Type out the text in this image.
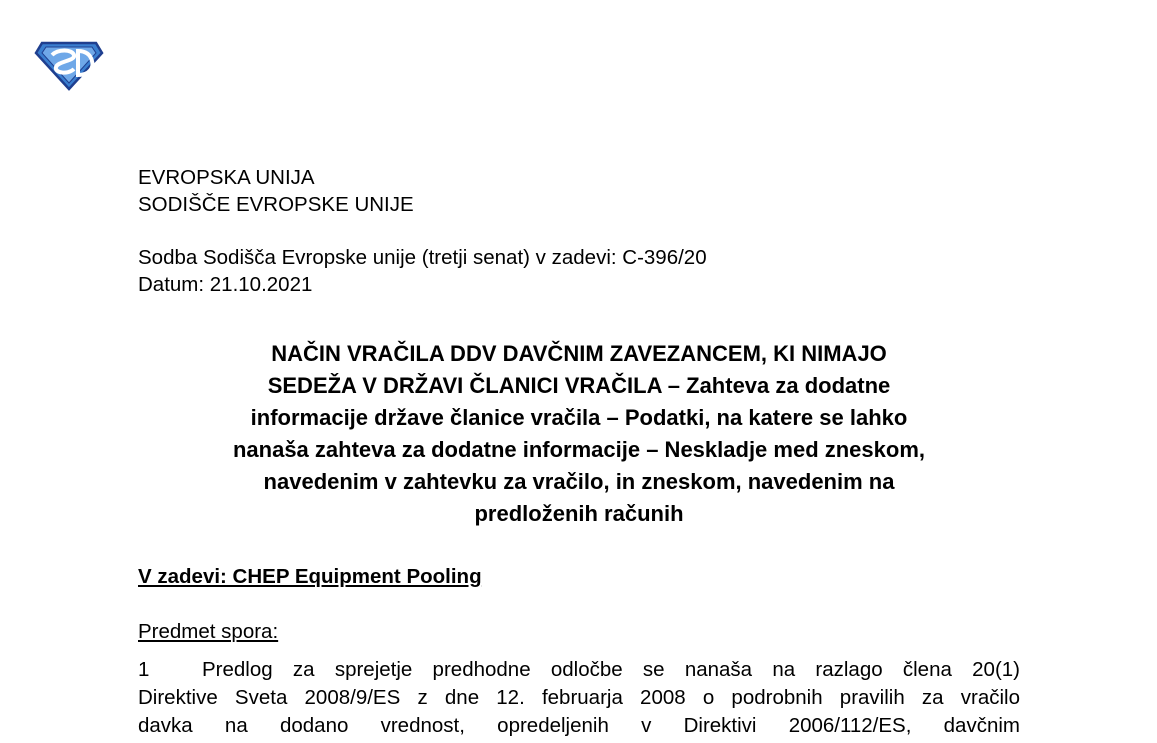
EVROPSKA UNIJA
SODIŠČE EVROPSKE UNIJE
Sodba Sodišča Evropske unije (tretji senat) v zadevi: C-396/20
Datum: 21.10.2021
NAČIN VRAČILA DDV DAVČNIM ZAVEZANCEM, KI NIMAJO
SEDEŽA V DRŽAVI ČLANICI VRAČILA – Zahteva za dodatne
informacije države članice vračila – Podatki, na katere se lahko
nanaša zahteva za dodatne informacije – Neskladje med zneskom,
navedenim v zahtevku za vračilo, in zneskom, navedenim na
predloženih računih
V zadevi: CHEP Equipment Pooling
Predmet spora:
1	Predlog za sprejetje predhodne odločbe se nanaša na razlago člena 20(1)
Direktive Sveta 2008/9/ES z dne 12. februarja 2008 o podrobnih pravilih za vračilo
davka na dodano vrednost, opredeljenih v Direktivi 2006/112/ES, davčnim
